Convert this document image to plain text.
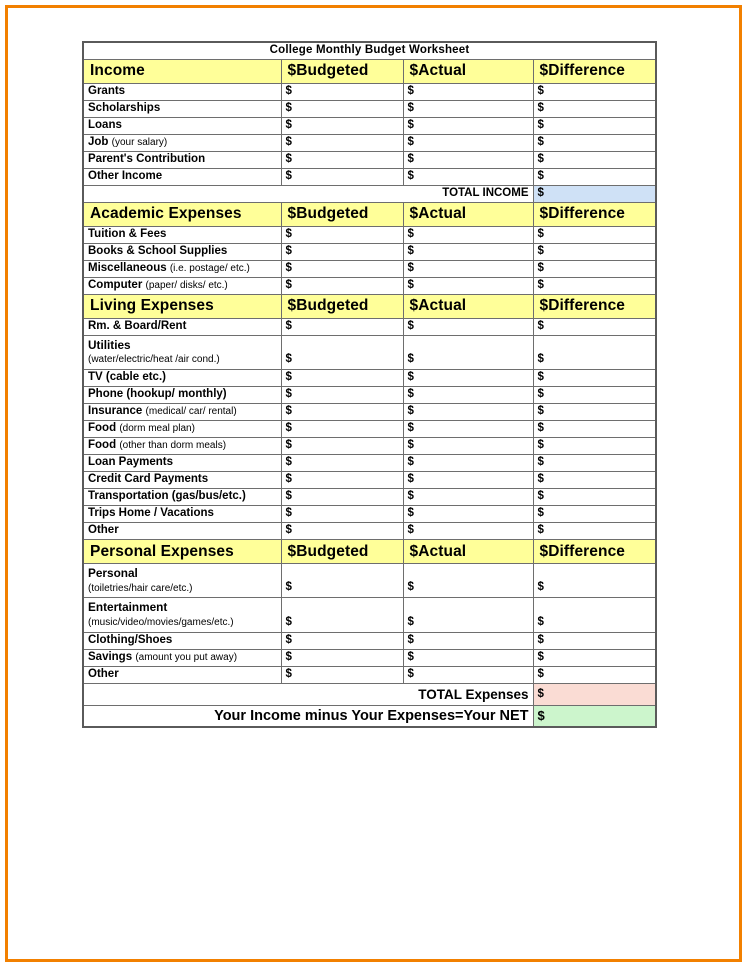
College Monthly Budget Worksheet			
Income	$Budgeted	$Actual	$Difference
Grants	$	$	$
Scholarships	$	$	$
Loans	$	$	$
Job (your salary)	$	$	$
Parent's Contribution	$	$	$
Other Income	$	$	$
TOTAL INCOME			$
Academic Expenses	$Budgeted	$Actual	$Difference
Tuition & Fees	$	$	$
Books & School Supplies	$	$	$
Miscellaneous (i.e. postage/ etc.)	$	$	$
Computer (paper/ disks/ etc.)	$	$	$
Living Expenses	$Budgeted	$Actual	$Difference
Rm. & Board/Rent	$	$	$

Utilities
(water/electric/heat /air cond.)	$	$	$
TV (cable etc.)	$	$	$
Phone (hookup/ monthly)	$	$	$
Insurance (medical/ car/ rental)	$	$	$
Food (dorm meal plan)	$	$	$
Food (other than dorm meals)	$	$	$
Loan Payments	$	$	$
Credit Card Payments	$	$	$
Transportation (gas/bus/etc.)	$	$	$
Trips Home / Vacations	$	$	$
Other	$	$	$
Personal Expenses	$Budgeted	$Actual	$Difference

Personal
(toiletries/hair care/etc.)	$	$	$

Entertainment
(music/video/movies/games/etc.)	$	$	$
Clothing/Shoes	$	$	$
Savings (amount you put away)	$	$	$
Other	$	$	$
TOTAL Expenses			$
Your Income minus Your Expenses=Your NET			$
